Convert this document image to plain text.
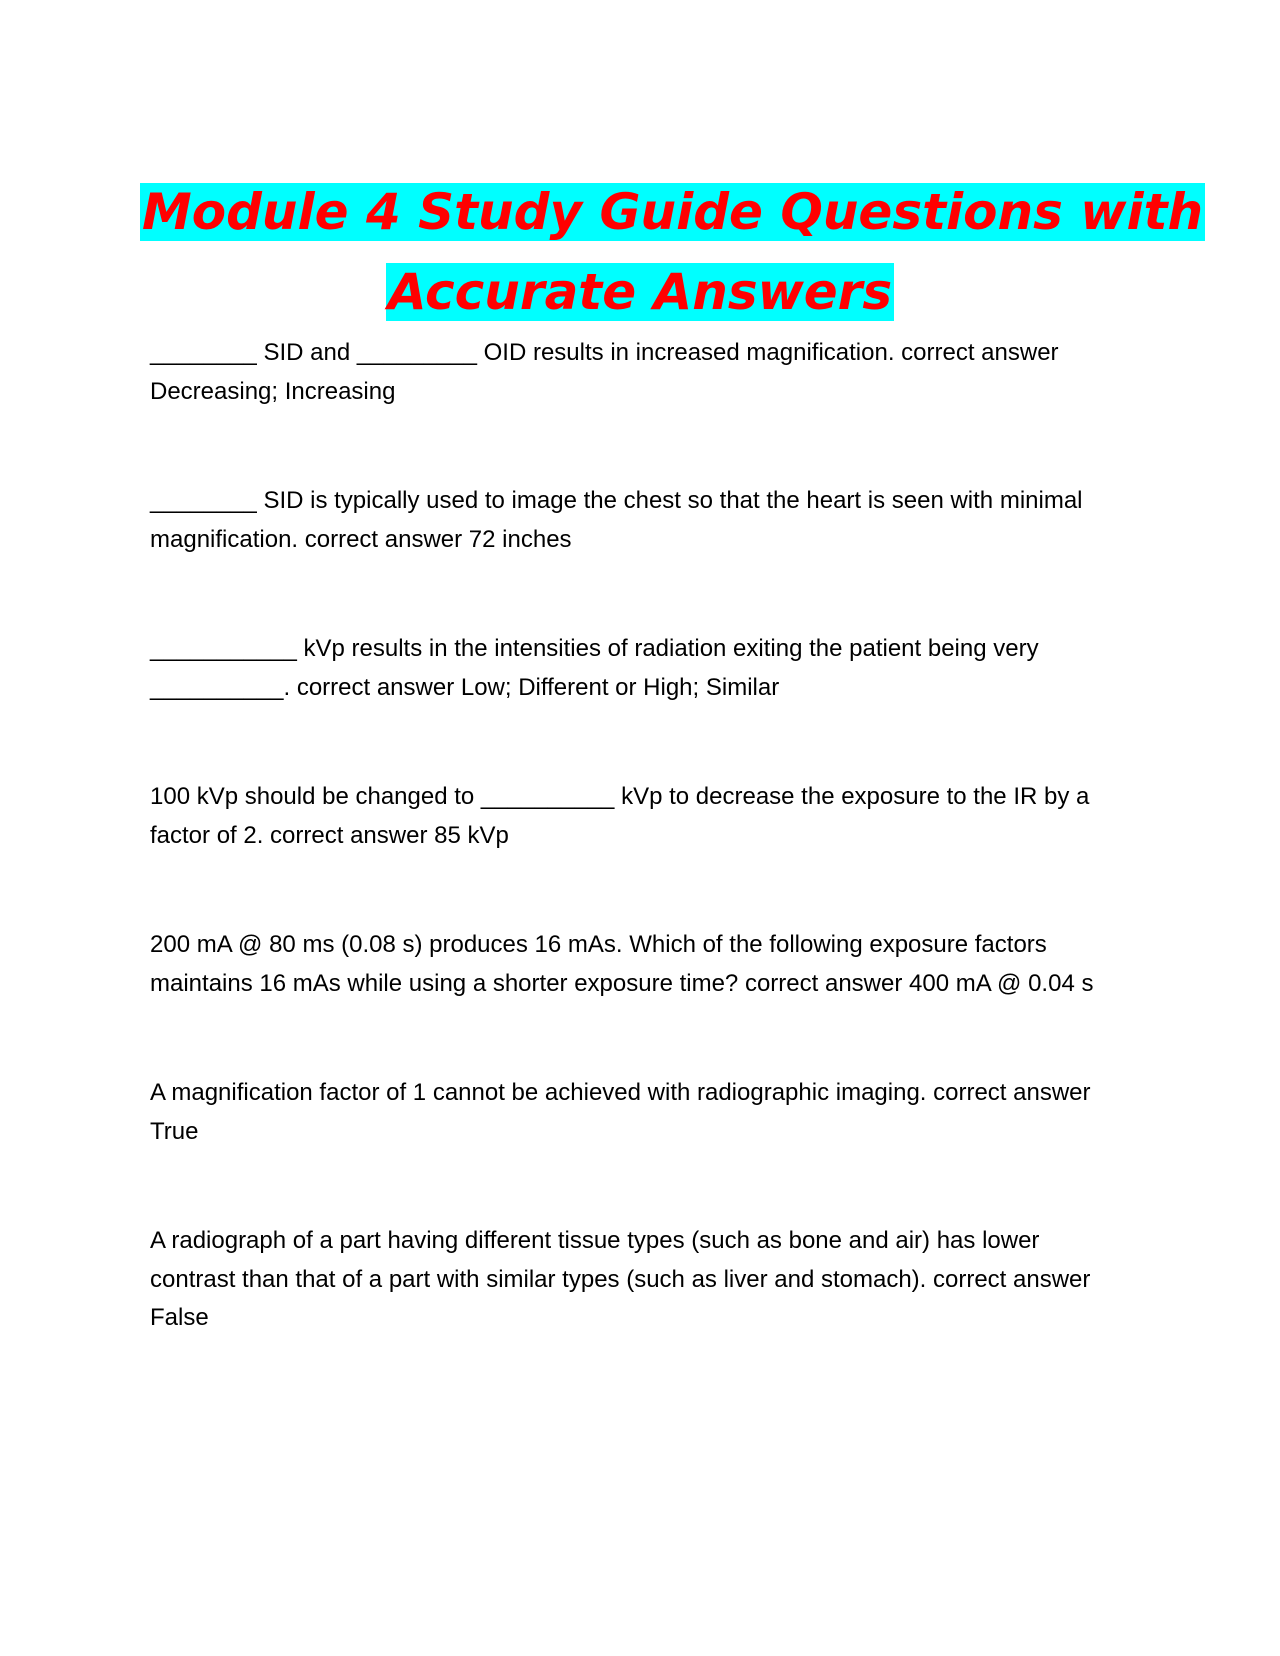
Module 4 Study Guide Questions with
Accurate Answers
________ SID and _________ OID results in increased magnification. correct answer Decreasing; Increasing
________ SID is typically used to image the chest so that the heart is seen with minimal magnification. correct answer 72 inches
___________ kVp results in the intensities of radiation exiting the patient being very __________. correct answer Low; Different or High; Similar
100 kVp should be changed to __________ kVp to decrease the exposure to the IR by a factor of 2. correct answer 85 kVp
200 mA @ 80 ms (0.08 s) produces 16 mAs. Which of the following exposure factors maintains 16 mAs while using a shorter exposure time? correct answer 400 mA @ 0.04 s
A magnification factor of 1 cannot be achieved with radiographic imaging. correct answer True
A radiograph of a part having different tissue types (such as bone and air) has lower contrast than that of a part with similar types (such as liver and stomach). correct answer False
